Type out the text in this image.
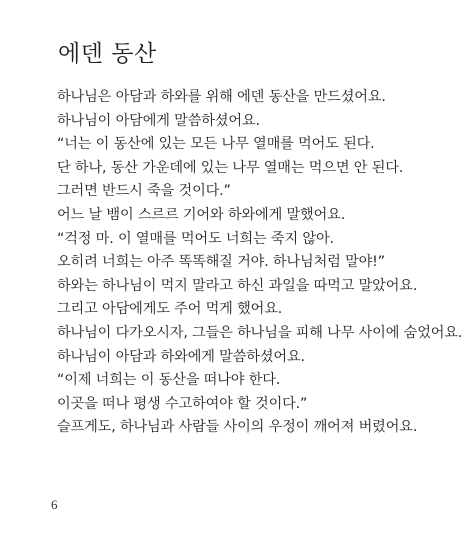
에덴 동산
하나님은 아담과 하와를 위해 에덴 동산을 만드셨어요.
하나님이 아담에게 말씀하셨어요.
“너는 이 동산에 있는 모든 나무 열매를 먹어도 된다.
단 하나, 동산 가운데에 있는 나무 열매는 먹으면 안 된다.
그러면 반드시 죽을 것이다.”
어느 날 뱀이 스르르 기어와 하와에게 말했어요.
“걱정 마. 이 열매를 먹어도 너희는 죽지 않아.
오히려 너희는 아주 똑똑해질 거야. 하나님처럼 말야!”
하와는 하나님이 먹지 말라고 하신 과일을 따먹고 말았어요.
그리고 아담에게도 주어 먹게 했어요.
하나님이 다가오시자, 그들은 하나님을 피해 나무 사이에 숨었어요.
하나님이 아담과 하와에게 말씀하셨어요.
“이제 너희는 이 동산을 떠나야 한다.
이곳을 떠나 평생 수고하여야 할 것이다.”
슬프게도, 하나님과 사람들 사이의 우정이 깨어져 버렸어요.
6
